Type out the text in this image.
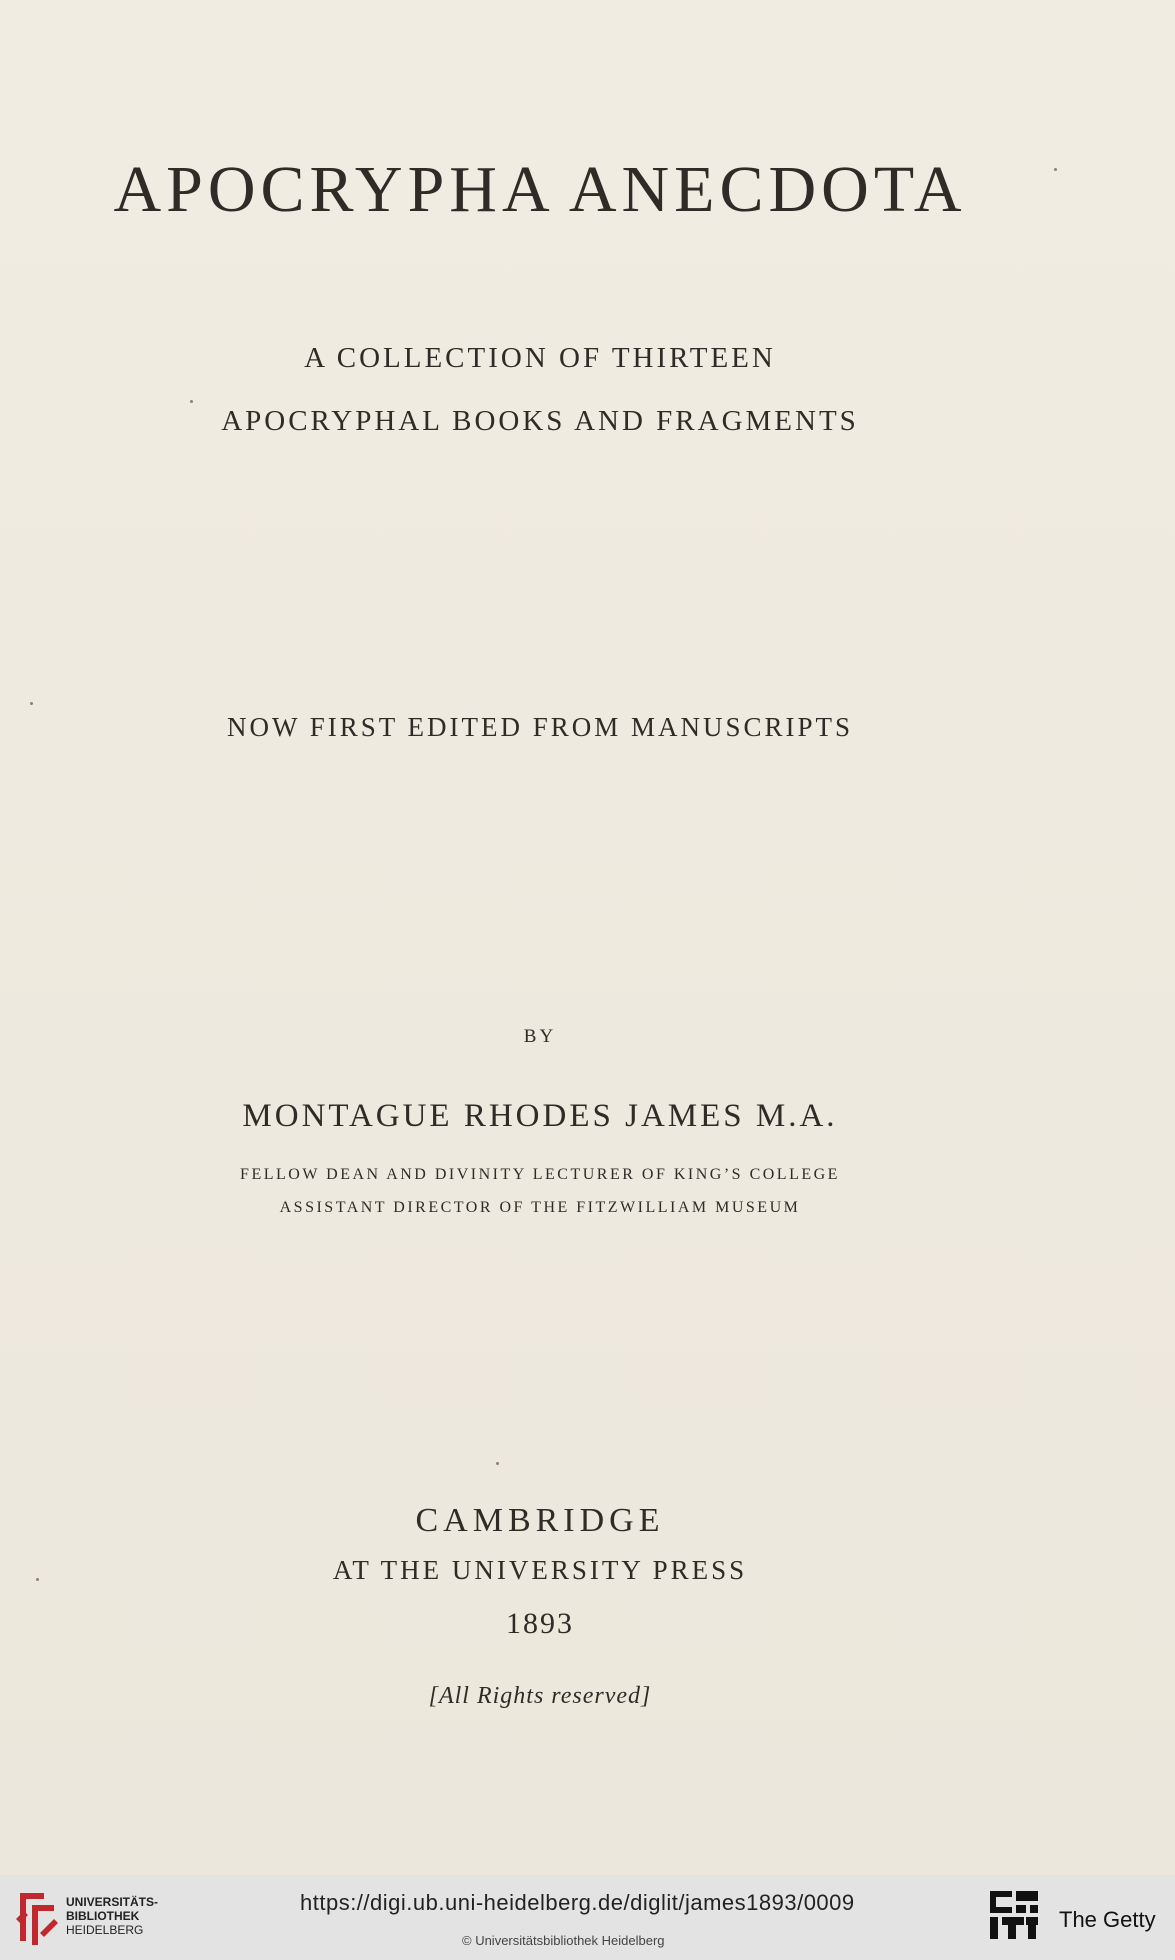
APOCRYPHA ANECDOTA
A COLLECTION OF THIRTEEN
APOCRYPHAL BOOKS AND FRAGMENTS
NOW FIRST EDITED FROM MANUSCRIPTS
BY
MONTAGUE RHODES JAMES M.A.
FELLOW DEAN AND DIVINITY LECTURER OF KING’S COLLEGE
ASSISTANT DIRECTOR OF THE FITZWILLIAM MUSEUM
CAMBRIDGE
AT THE UNIVERSITY PRESS
1893
[All Rights reserved]
UNIVERSITÄTS-
BIBLIOTHEK
HEIDELBERG
https://digi.ub.uni-heidelberg.de/diglit/james1893/0009
© Universitätsbibliothek Heidelberg
The Getty
